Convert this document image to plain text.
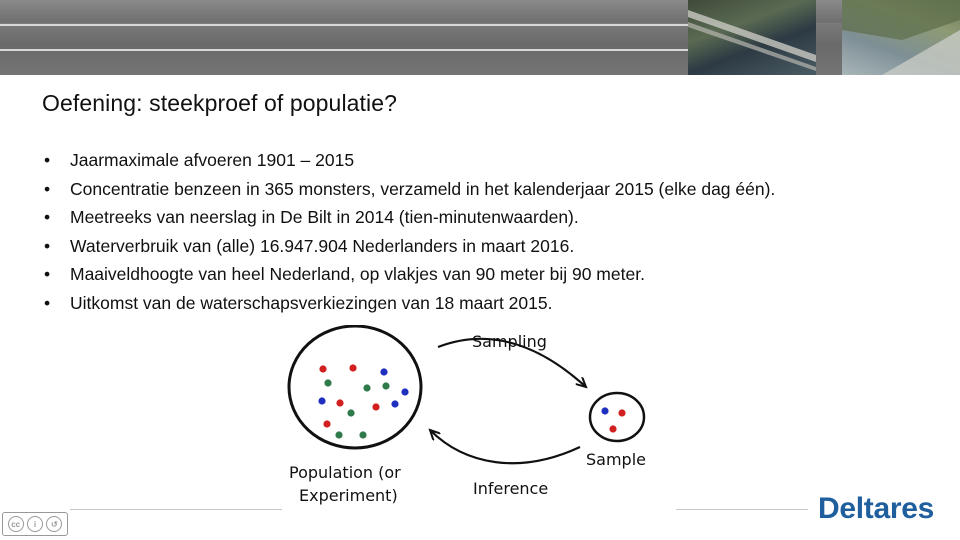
Oefening: steekproef of populatie?
•	Jaarmaximale afvoeren 1901 – 2015
•	Concentratie benzeen in 365 monsters, verzameld in het kalenderjaar 2015 (elke dag één).
•	Meetreeks van neerslag in De Bilt in 2014 (tien-minutenwaarden).
•	Waterverbruik van (alle) 16.947.904 Nederlanders in maart 2016.
•	Maaiveldhoogte van heel Nederland, op vlakjes van 90 meter bij 90 meter.
•	Uitkomst van de waterschapsverkiezingen van 18 maart 2015.
Sampling
Inference
Sample
Population (or
Experiment)
cc	i	↺	Deltares
